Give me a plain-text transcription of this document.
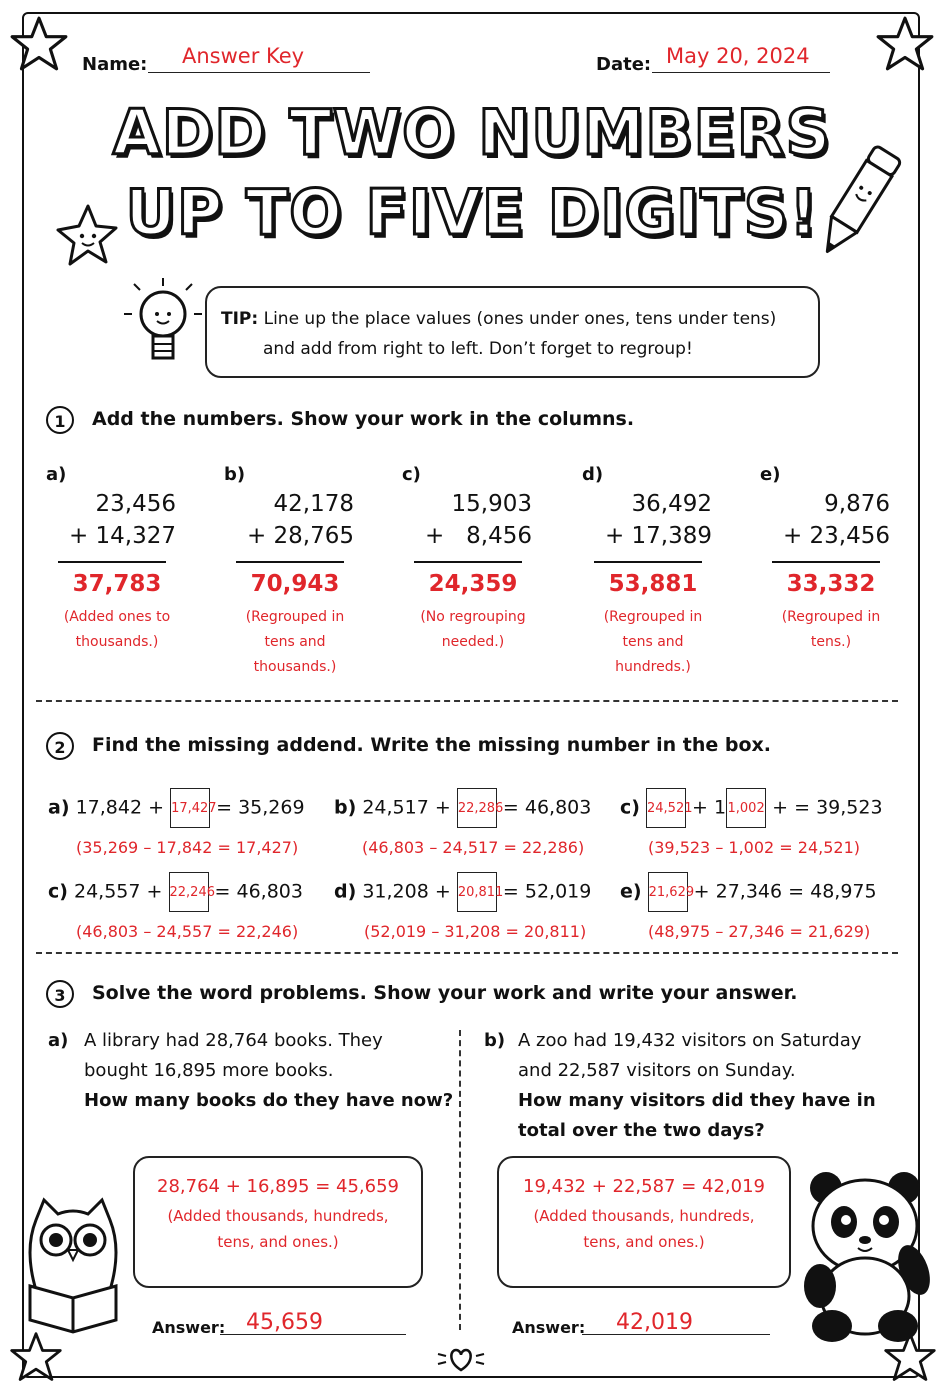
Name: Answer Key	Date: May 20, 2024
ADD TWO NUMBERS
UP TO FIVE DIGITS!
TIP: Line up the place values (ones under ones, tens under tens)
and add from right to left. Don’t forget to regroup!
1	Add the numbers. Show your work in the columns.
a)
23,456
+ 14,327
37,783
(Added ones to
thousands.)
b)
42,178
+ 28,765
70,943
(Regrouped in
tens and
thousands.)
c)
15,903
+   8,456
24,359
(No regrouping
needed.)
d)
36,492
+ 17,389
53,881
(Regrouped in
tens and
hundreds.)
e)
9,876
+ 23,456
33,332
(Regrouped in
tens.)
2	Find the missing addend. Write the missing number in the box.
a) 17,842 + 17,427 = 35,269
(35,269 – 17,842 = 17,427)
b) 24,517 + 22,286 = 46,803
(46,803 – 24,517 = 22,286)
c) 24,521 + 11,002 + = 39,523
(39,523 – 1,002 = 24,521)
c) 24,557 + 22,246 = 46,803
(46,803 – 24,557 = 22,246)
d) 31,208 + 20,811 = 52,019
(52,019 – 31,208 = 20,811)
e) 21,629 + 27,346 = 48,975
(48,975 – 27,346 = 21,629)
3	Solve the word problems. Show your work and write your answer.
a) A library had 28,764 books. They
bought 16,895 more books.
How many books do they have now?
28,764 + 16,895 = 45,659
(Added thousands, hundreds,
tens, and ones.)
Answer: 45,659
b) A zoo had 19,432 visitors on Saturday
and 22,587 visitors on Sunday.
How many visitors did they have in
total over the two days?
19,432 + 22,587 = 42,019
(Added thousands, hundreds,
tens, and ones.)
Answer: 42,019
